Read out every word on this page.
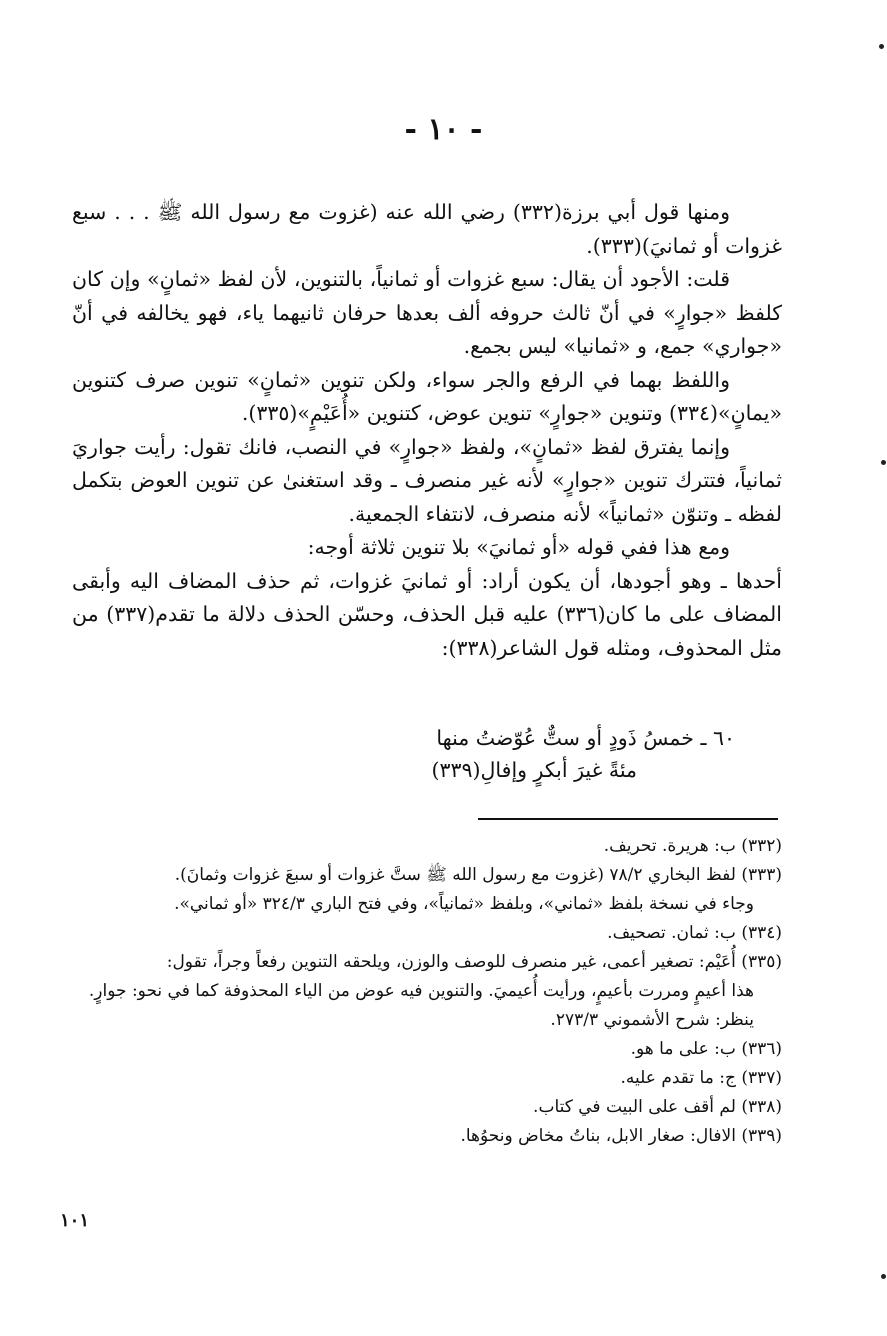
- ١٠ -

ومنها قول أبي برزة(٣٣٢) رضي الله عنه (غزوت مع رسول الله ﷺ . . . سبع غزوات أو ثمانيَ)(٣٣٣).

قلت: الأجود أن يقال: سبع غزوات أو ثمانياً، بالتنوين، لأن لفظ «ثمانٍ» وإن كان كلفظ «جوارٍ» في أنّ ثالث حروفه ألف بعدها حرفان ثانيهما ياء، فهو يخالفه في أنّ «جواري» جمع، و «ثمانيا» ليس بجمع.

واللفظ بهما في الرفع والجر سواء، ولكن تنوين «ثمانٍ» تنوين صرف كتنوين «يمانٍ»(٣٣٤) وتنوين «جوارٍ» تنوين عوض، كتنوين «أُعَيْمٍ»(٣٣٥).

وإنما يفترق لفظ «ثمانٍ»، ولفظ «جوارٍ» في النصب، فانك تقول: رأيت جواريَ ثمانياً، فتترك تنوين «جوارٍ» لأنه غير منصرف ـ وقد استغنىٰ عن تنوين العوض بتكمل لفظه ـ وتنوّن «ثمانياً» لأنه منصرف، لانتفاء الجمعية.

ومع هذا ففي قوله «أو ثمانيَ» بلا تنوين ثلاثة أوجه:

أحدها ـ وهو أجودها، أن يكون أراد: أو ثمانيَ غزوات، ثم حذف المضاف اليه وأبقى المضاف على ما كان(٣٣٦) عليه قبل الحذف، وحسّن الحذف دلالة ما تقدم(٣٣٧) من مثل المحذوف، ومثله قول الشاعر(٣٣٨):

٦٠ ـ خمسُ ذَودٍ أو ستٌّ عُوّضتُ منها
مئةً غيرَ أبكرٍ وإفالِ(٣٣٩)

(٣٣٢) ب: هريرة. تحريف.

(٣٣٣) لفظ البخاري ٧٨/٢ (غزوت مع رسول الله ﷺ ستَّ غزوات أو سبعَ غزوات وثمانَ).

وجاء في نسخة بلفظ «ثماني»، وبلفظ «ثمانياً»، وفي فتح الباري ٣٢٤/٣ «أو ثماني».

(٣٣٤) ب: ثمان. تصحيف.

(٣٣٥) أُعَيْم: تصغير أعمى، غير منصرف للوصف والوزن، ويلحقه التنوين رفعاً وجراً، تقول:

هذا أعيمٍ ومررت بأعيمٍ، ورأيت أُعيميَ. والتنوين فيه عوض من الياء المحذوفة كما في نحو: جوارٍ. ينظر: شرح الأشموني ٢٧٣/٣.

(٣٣٦) ب: على ما هو.

(٣٣٧) ج: ما تقدم عليه.

(٣٣٨) لم أقف على البيت في كتاب.

(٣٣٩) الافال: صغار الابل، بناتُ مخاض ونحوُها.

١٠١
